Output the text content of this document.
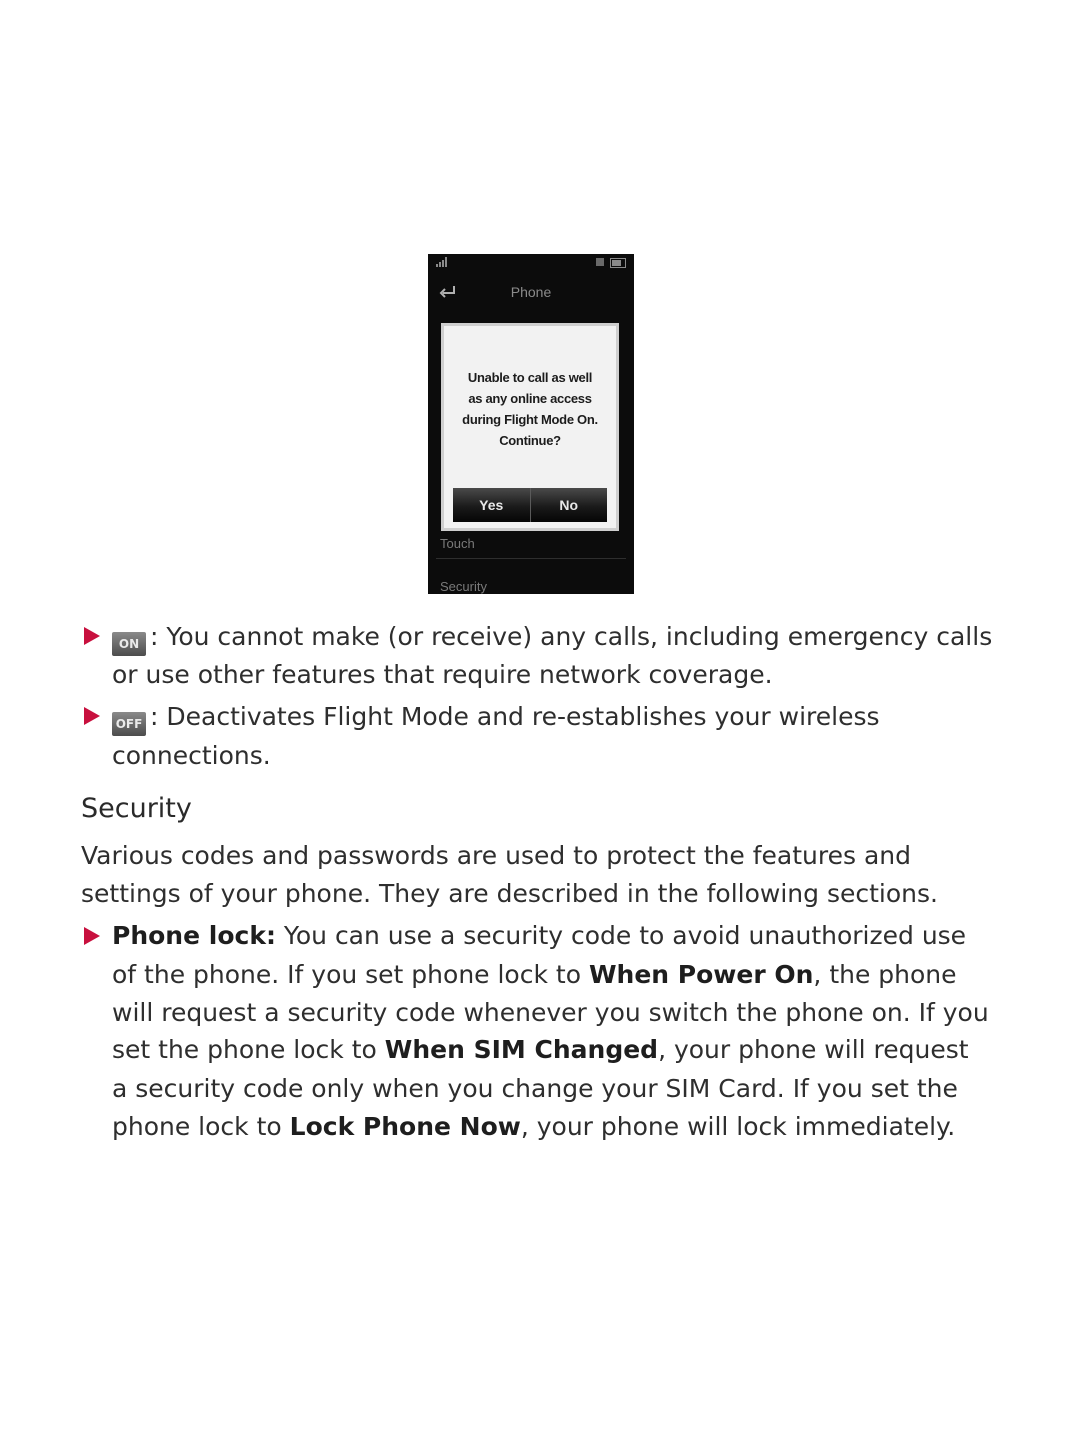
Phone
Unable to call as well
as any online access
during Flight Mode On.
Continue?
Yes	No
Touch
Security
ON : You cannot make (or receive) any calls, including emergency calls
or use other features that require network coverage.
OFF : Deactivates Flight Mode and re-establishes your wireless
connections.
Security
Various codes and passwords are used to protect the features and
settings of your phone. They are described in the following sections.
Phone lock: You can use a security code to avoid unauthorized use
of the phone. If you set phone lock to When Power On, the phone
will request a security code whenever you switch the phone on. If you
set the phone lock to When SIM Changed, your phone will request
a security code only when you change your SIM Card. If you set the
phone lock to Lock Phone Now, your phone will lock immediately.
